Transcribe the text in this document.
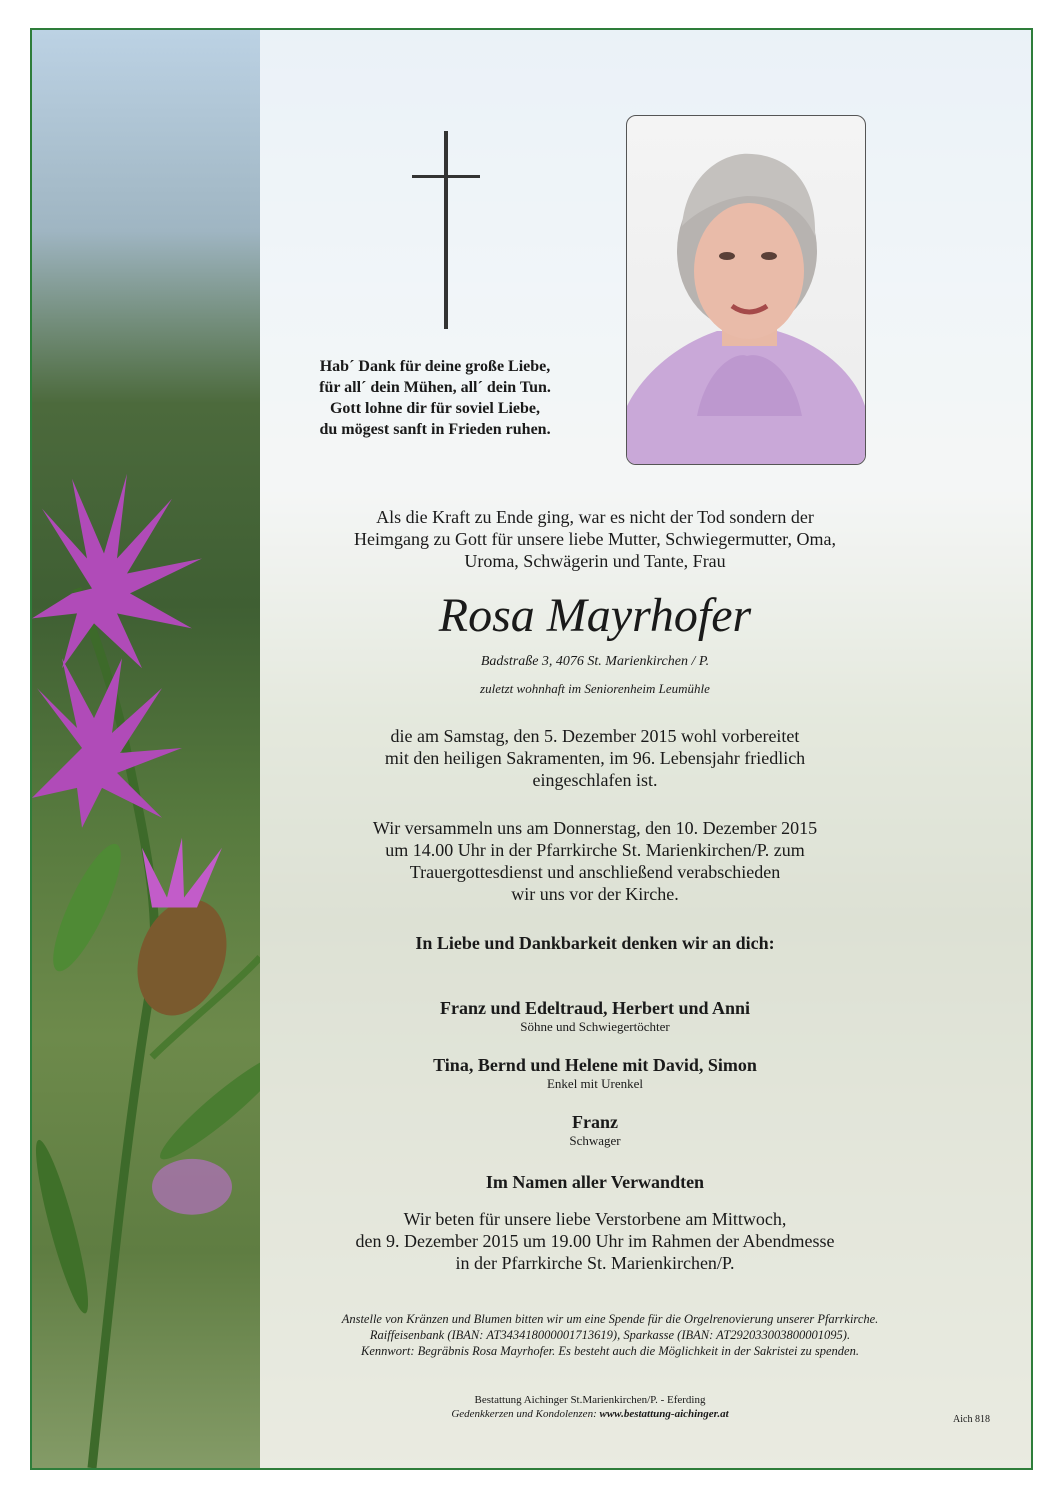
Hab´ Dank für deine große Liebe,
für all´ dein Mühen, all´ dein Tun.
Gott lohne dir für soviel Liebe,
du mögest sanft in Frieden ruhen.
Als die Kraft zu Ende ging, war es nicht der Tod sondern der
Heimgang zu Gott für unsere liebe Mutter, Schwiegermutter, Oma,
Uroma, Schwägerin und Tante, Frau
Rosa Mayrhofer
Badstraße 3, 4076 St. Marienkirchen / P.
zuletzt wohnhaft im Seniorenheim Leumühle
die am Samstag, den 5. Dezember 2015 wohl vorbereitet
mit den heiligen Sakramenten, im 96. Lebensjahr friedlich
eingeschlafen ist.
Wir versammeln uns am Donnerstag, den 10. Dezember 2015
um 14.00 Uhr in der Pfarrkirche St. Marienkirchen/P. zum
Trauergottesdienst und anschließend verabschieden
wir uns vor der Kirche.
In Liebe und Dankbarkeit denken wir an dich:
Franz und Edeltraud, Herbert und Anni
Söhne und Schwiegertöchter
Tina, Bernd und Helene mit David, Simon
Enkel mit Urenkel
Franz
Schwager
Im Namen aller Verwandten
Wir beten für unsere liebe Verstorbene am Mittwoch,
den 9. Dezember 2015 um 19.00 Uhr im Rahmen der Abendmesse
in der Pfarrkirche St. Marienkirchen/P.
Anstelle von Kränzen und Blumen bitten wir um eine Spende für die Orgelrenovierung unserer Pfarrkirche.
Raiffeisenbank (IBAN: AT343418000001713619), Sparkasse (IBAN: AT292033003800001095).
Kennwort: Begräbnis Rosa Mayrhofer. Es besteht auch die Möglichkeit in der Sakristei zu spenden.
Bestattung Aichinger St.Marienkirchen/P. - Eferding
Gedenkkerzen und Kondolenzen: www.bestattung-aichinger.at	Aich 818
